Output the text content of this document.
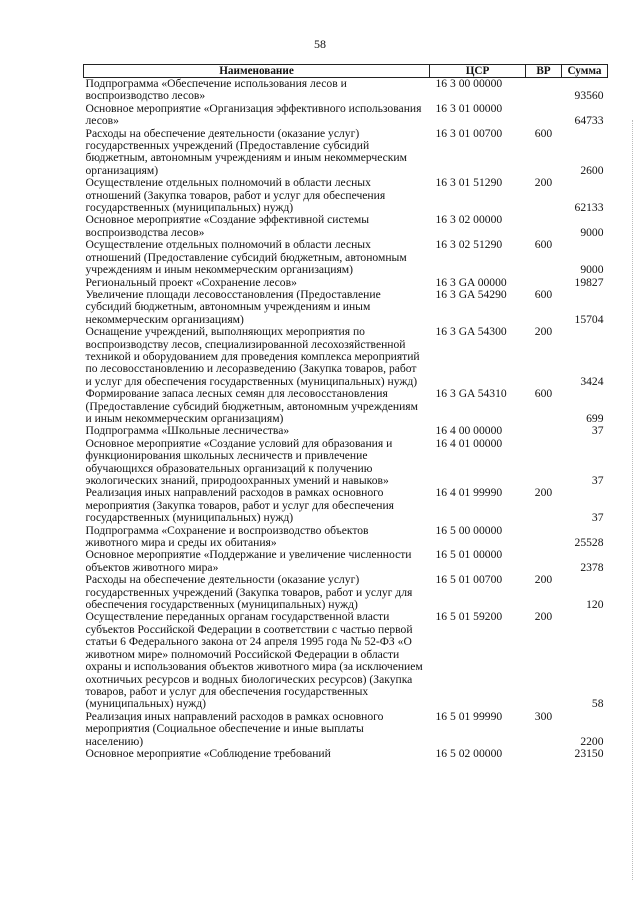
58
Наименование	ЦСР	ВР	Сумма
Подпрограмма «Обеспечение использования лесов и воспроизводство лесов»	16 3 00 00000		93560
Основное мероприятие «Организация эффективного использования лесов»	16 3 01 00000		64733
Расходы на обеспечение деятельности (оказание услуг) государственных учреждений (Предоставление субсидий бюджетным, автономным учреждениям и иным некоммерческим организациям)	16 3 01 00700	600	2600
Осуществление отдельных полномочий в области лесных отношений (Закупка товаров, работ и услуг для обеспечения государственных (муниципальных) нужд)	16 3 01 51290	200	62133
Основное мероприятие «Создание эффективной системы воспроизводства лесов»	16 3 02 00000		9000
Осуществление отдельных полномочий в области лесных отношений (Предоставление субсидий бюджетным, автономным учреждениям и иным некоммерческим организациям)	16 3 02 51290	600	9000
Региональный проект «Сохранение лесов»	16 3 GA 00000		19827
Увеличение площади лесовосстановления (Предоставление субсидий бюджетным, автономным учреждениям и иным некоммерческим организациям)	16 3 GA 54290	600	15704
Оснащение учреждений, выполняющих мероприятия по воспроизводству лесов, специализированной лесохозяйственной техникой и оборудованием для проведения комплекса мероприятий по лесовосстановлению и лесоразведению (Закупка товаров, работ и услуг для обеспечения государственных (муниципальных) нужд)	16 3 GA 54300	200	3424
Формирование запаса лесных семян для лесовосстановления (Предоставление субсидий бюджетным, автономным учреждениям и иным некоммерческим организациям)	16 3 GA 54310	600	699
Подпрограмма «Школьные лесничества»	16 4 00 00000		37
Основное мероприятие «Создание условий для образования и функционирования школьных лесничеств и привлечение обучающихся образовательных организаций к получению экологических знаний, природоохранных умений и навыков»	16 4 01 00000		37
Реализация иных направлений расходов в рамках основного мероприятия (Закупка товаров, работ и услуг для обеспечения государственных (муниципальных) нужд)	16 4 01 99990	200	37
Подпрограмма «Сохранение и воспроизводство объектов животного мира и среды их обитания»	16 5 00 00000		25528
Основное мероприятие «Поддержание и увеличение численности объектов животного мира»	16 5 01 00000		2378
Расходы на обеспечение деятельности (оказание услуг) государственных учреждений (Закупка товаров, работ и услуг для обеспечения государственных (муниципальных) нужд)	16 5 01 00700	200	120
Осуществление переданных органам государственной власти субъектов Российской Федерации в соответствии с частью первой статьи 6 Федерального закона от 24 апреля 1995 года № 52-ФЗ «О животном мире» полномочий Российской Федерации в области охраны и использования объектов животного мира (за исключением охотничьих ресурсов и водных биологических ресурсов) (Закупка товаров, работ и услуг для обеспечения государственных (муниципальных) нужд)	16 5 01 59200	200	58
Реализация иных направлений расходов в рамках основного мероприятия (Социальное обеспечение и иные выплаты населению)	16 5 01 99990	300	2200
Основное мероприятие «Соблюдение требований	16 5 02 00000		23150
